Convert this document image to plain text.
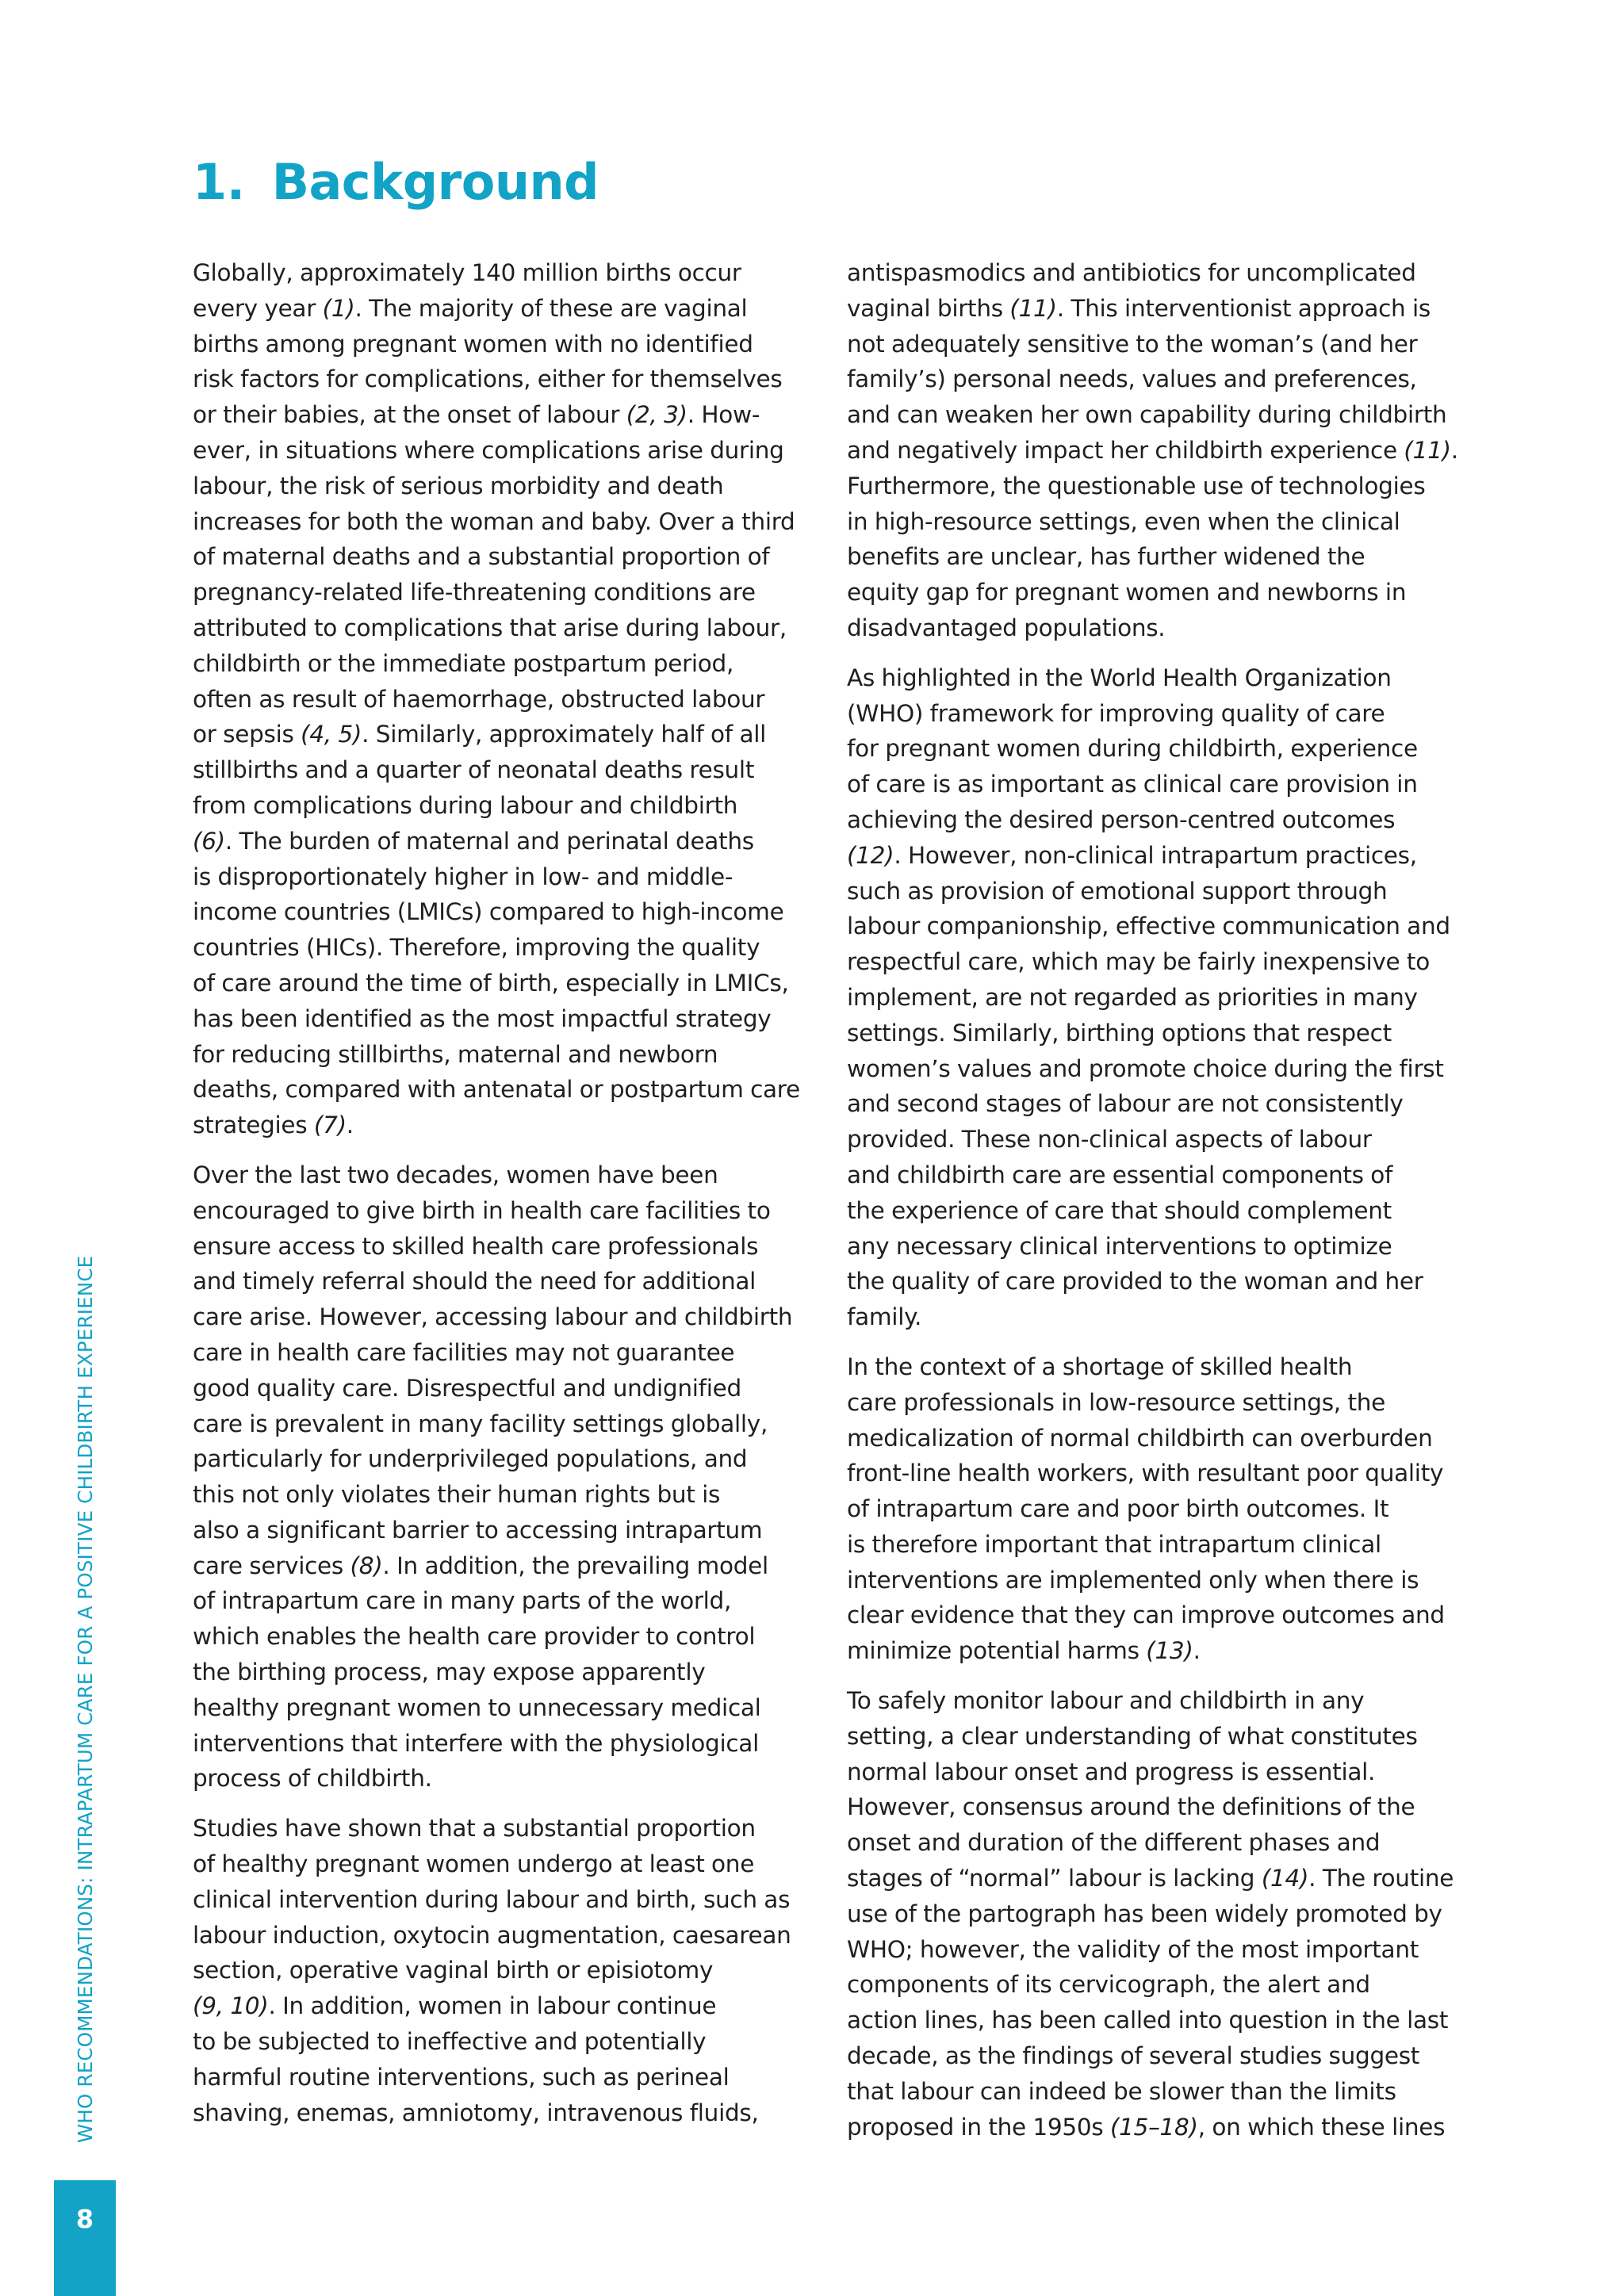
1. Background

Globally, approximately 140 million births occur
every year (1). The majority of these are vaginal
births among pregnant women with no identified
risk factors for complications, either for themselves
or their babies, at the onset of labour (2, 3). How-
ever, in situations where complications arise during
labour, the risk of serious morbidity and death
increases for both the woman and baby. Over a third
of maternal deaths and a substantial proportion of
pregnancy-related life-threatening conditions are
attributed to complications that arise during labour,
childbirth or the immediate postpartum period,
often as result of haemorrhage, obstructed labour
or sepsis (4, 5). Similarly, approximately half of all
stillbirths and a quarter of neonatal deaths result
from complications during labour and childbirth
(6). The burden of maternal and perinatal deaths
is disproportionately higher in low- and middle-
income countries (LMICs) compared to high-income
countries (HICs). Therefore, improving the quality
of care around the time of birth, especially in LMICs,
has been identified as the most impactful strategy
for reducing stillbirths, maternal and newborn
deaths, compared with antenatal or postpartum care
strategies (7).

Over the last two decades, women have been
encouraged to give birth in health care facilities to
ensure access to skilled health care professionals
and timely referral should the need for additional
care arise. However, accessing labour and childbirth
care in health care facilities may not guarantee
good quality care. Disrespectful and undignified
care is prevalent in many facility settings globally,
particularly for underprivileged populations, and
this not only violates their human rights but is
also a significant barrier to accessing intrapartum
care services (8). In addition, the prevailing model
of intrapartum care in many parts of the world,
which enables the health care provider to control
the birthing process, may expose apparently
healthy pregnant women to unnecessary medical
interventions that interfere with the physiological
process of childbirth.

Studies have shown that a substantial proportion
of healthy pregnant women undergo at least one
clinical intervention during labour and birth, such as
labour induction, oxytocin augmentation, caesarean
section, operative vaginal birth or episiotomy
(9, 10). In addition, women in labour continue
to be subjected to ineffective and potentially
harmful routine interventions, such as perineal
shaving, enemas, amniotomy, intravenous fluids,

antispasmodics and antibiotics for uncomplicated
vaginal births (11). This interventionist approach is
not adequately sensitive to the woman’s (and her
family’s) personal needs, values and preferences,
and can weaken her own capability during childbirth
and negatively impact her childbirth experience (11).
Furthermore, the questionable use of technologies
in high-resource settings, even when the clinical
benefits are unclear, has further widened the
equity gap for pregnant women and newborns in
disadvantaged populations.

As highlighted in the World Health Organization
(WHO) framework for improving quality of care
for pregnant women during childbirth, experience
of care is as important as clinical care provision in
achieving the desired person-centred outcomes
(12). However, non-clinical intrapartum practices,
such as provision of emotional support through
labour companionship, effective communication and
respectful care, which may be fairly inexpensive to
implement, are not regarded as priorities in many
settings. Similarly, birthing options that respect
women’s values and promote choice during the first
and second stages of labour are not consistently
provided. These non-clinical aspects of labour
and childbirth care are essential components of
the experience of care that should complement
any necessary clinical interventions to optimize
the quality of care provided to the woman and her
family.

In the context of a shortage of skilled health
care professionals in low-resource settings, the
medicalization of normal childbirth can overburden
front-line health workers, with resultant poor quality
of intrapartum care and poor birth outcomes. It
is therefore important that intrapartum clinical
interventions are implemented only when there is
clear evidence that they can improve outcomes and
minimize potential harms (13).

To safely monitor labour and childbirth in any
setting, a clear understanding of what constitutes
normal labour onset and progress is essential.
However, consensus around the definitions of the
onset and duration of the different phases and
stages of “normal” labour is lacking (14). The routine
use of the partograph has been widely promoted by
WHO; however, the validity of the most important
components of its cervicograph, the alert and
action lines, has been called into question in the last
decade, as the findings of several studies suggest
that labour can indeed be slower than the limits
proposed in the 1950s (15–18), on which these lines

WHO RECOMMENDATIONS: INTRAPARTUM CARE FOR A POSITIVE CHILDBIRTH EXPERIENCE
8
